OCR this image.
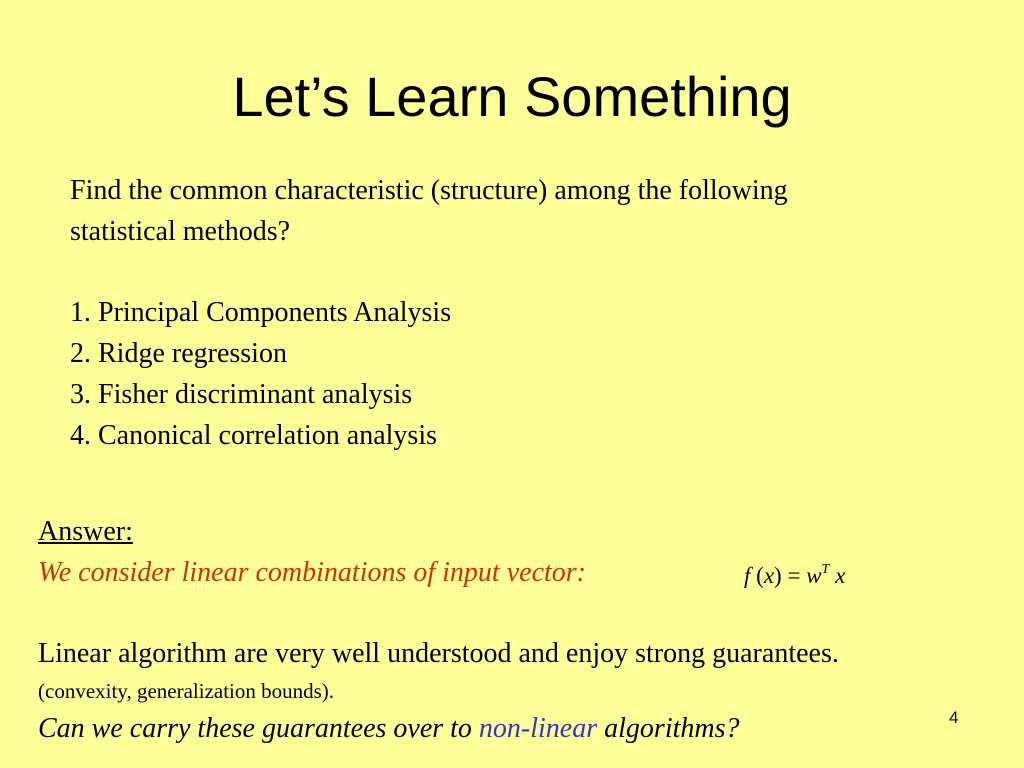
Let’s Learn Something
Find the common characteristic (structure) among the following
statistical methods?
1. Principal Components Analysis
2. Ridge regression
3. Fisher discriminant analysis
4. Canonical correlation analysis
Answer:
We consider linear combinations of input vector:	f $(x) = w^T$ x
Linear algorithm are very well understood and enjoy strong guarantees.
(convexity, generalization bounds).
Can we carry these guarantees over to non-linear algorithms?	4
